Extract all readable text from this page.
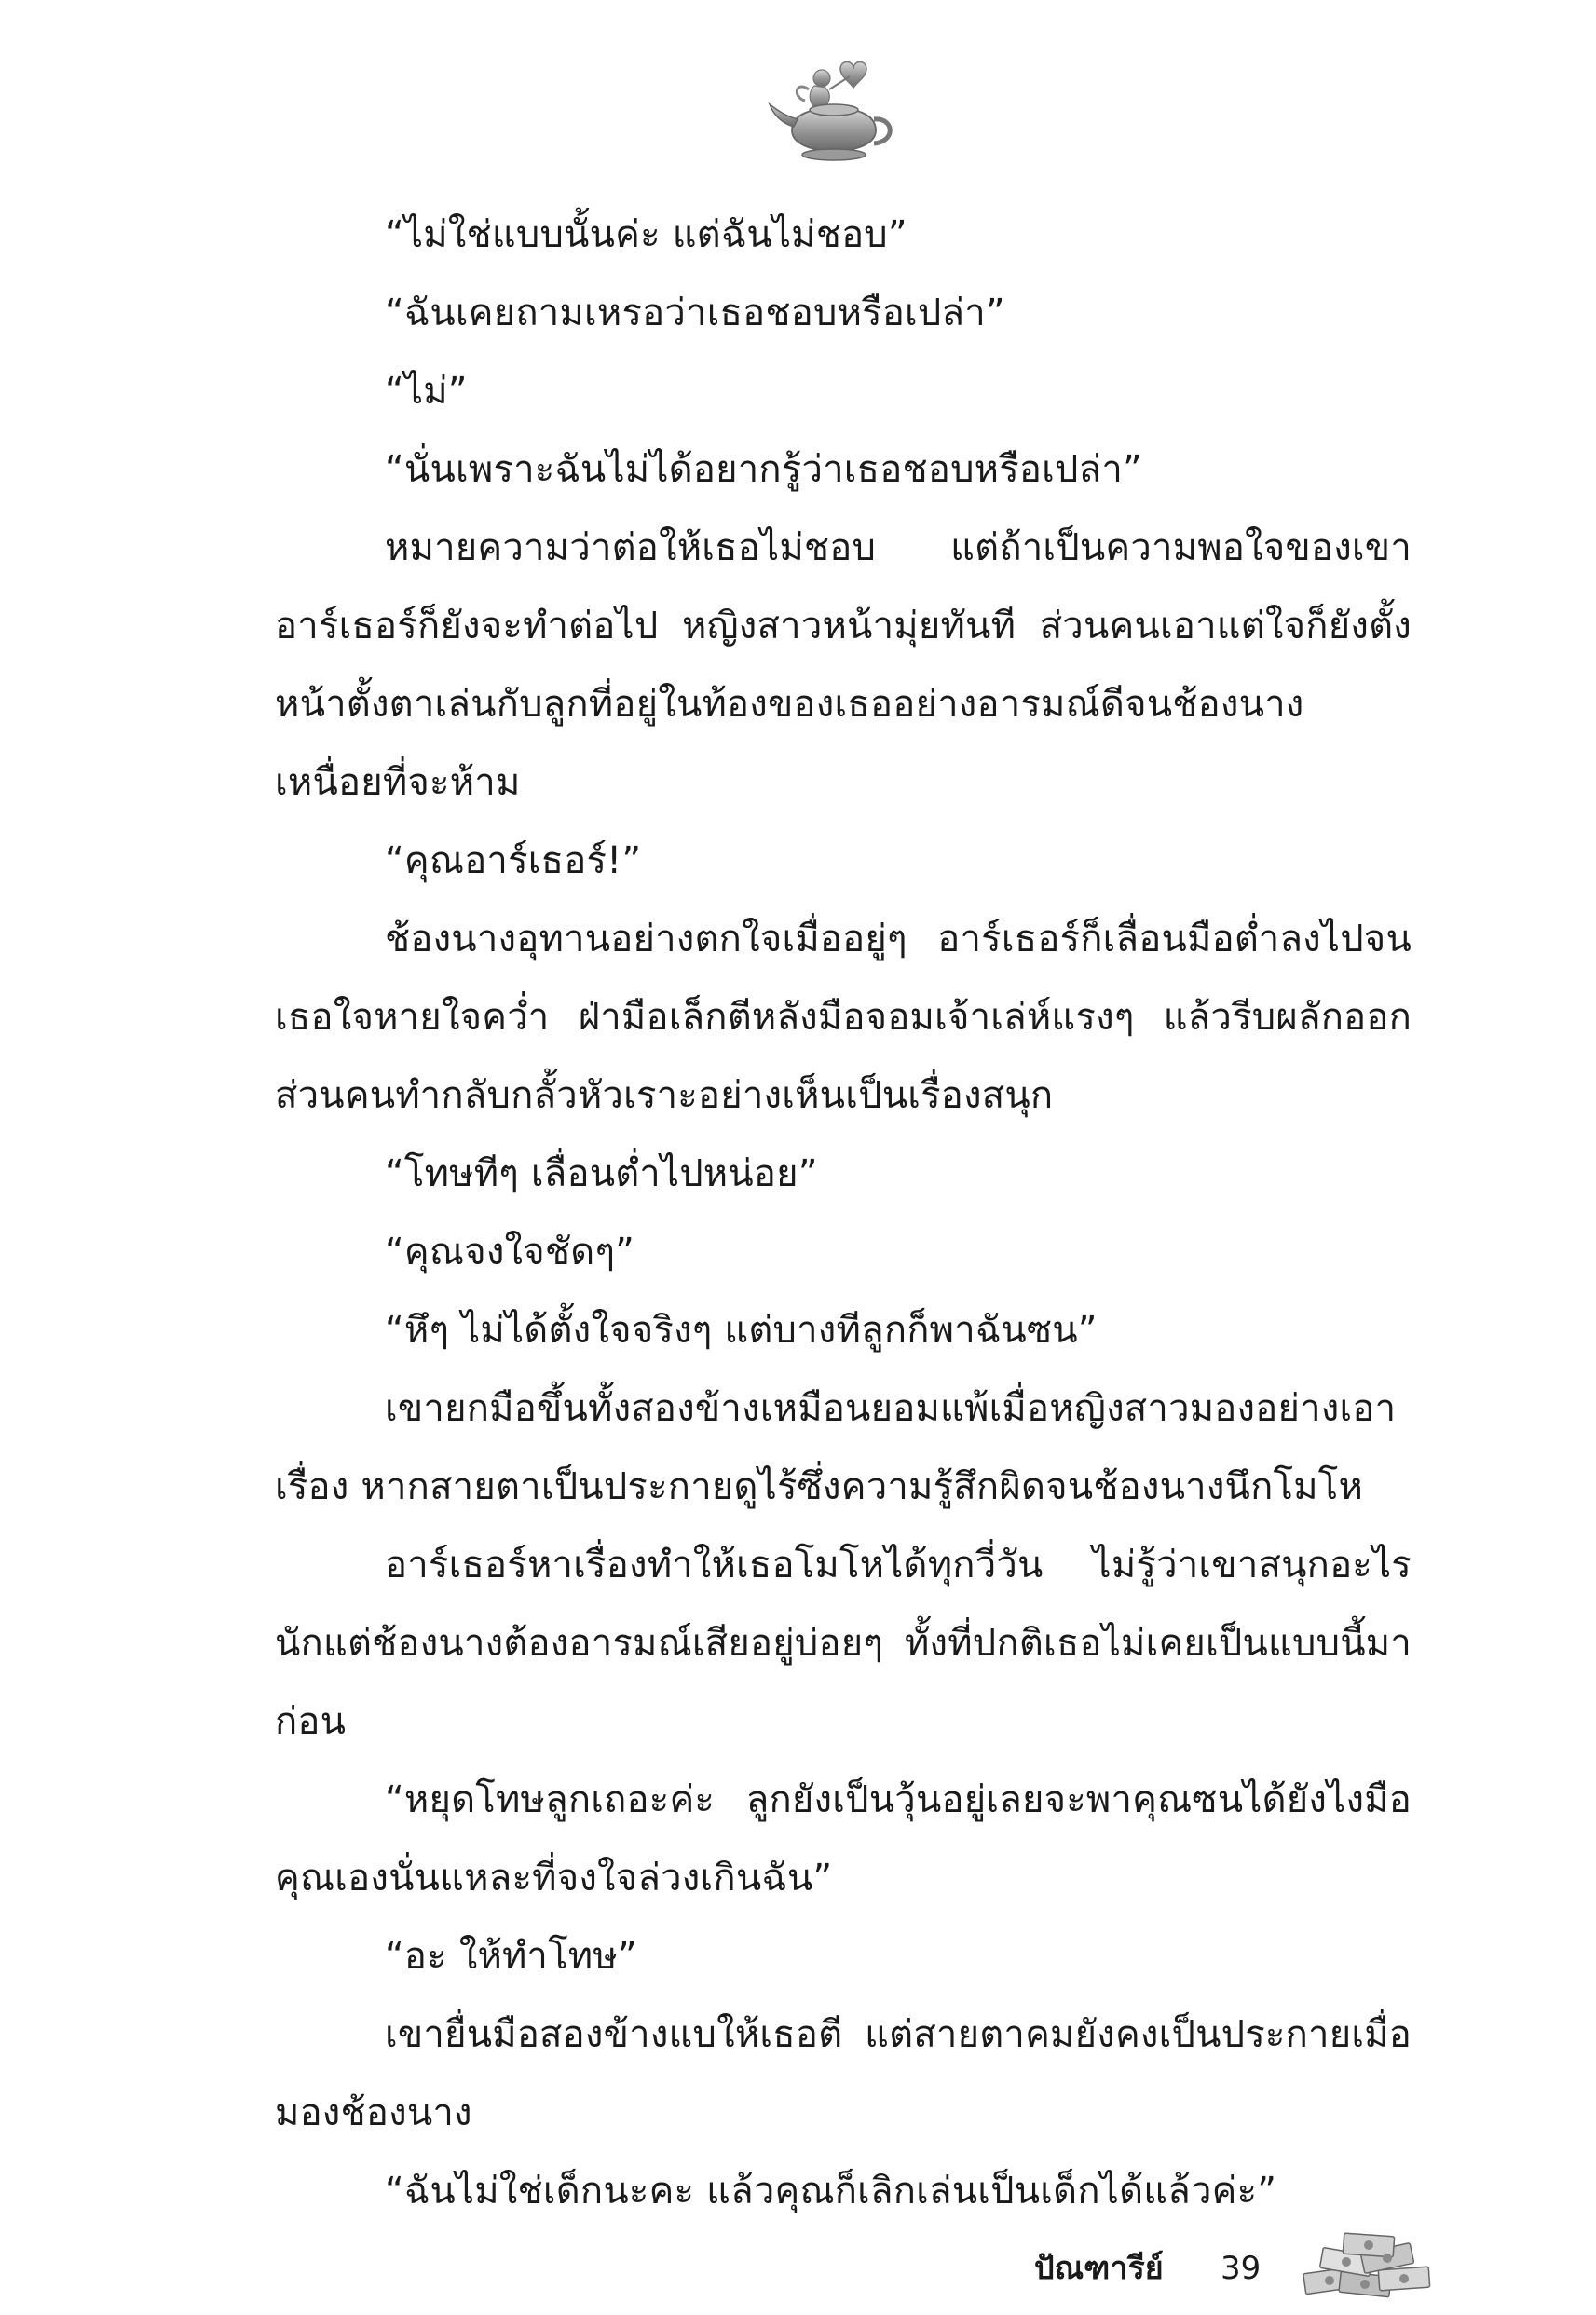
“ไม่ใช่แบบนั้นค่ะ แต่ฉันไม่ชอบ”

“ฉันเคยถามเหรอว่าเธอชอบหรือเปล่า”

“ไม่”

“นั่นเพราะฉันไม่ได้อยากรู้ว่าเธอชอบหรือเปล่า”

หมายความว่าต่อให้เธอไม่ชอบ แต่ถ้าเป็นความพอใจของเขาอาร์เธอร์ก็ยังจะทำต่อไป หญิงสาวหน้ามุ่ยทันที ส่วนคนเอาแต่ใจก็ยังตั้งหน้าตั้งตาเล่นกับลูกที่อยู่ในท้องของเธออย่างอารมณ์ดีจนช้องนางเหนื่อยที่จะห้าม

“คุณอาร์เธอร์!”

ช้องนางอุทานอย่างตกใจเมื่ออยู่ๆ อาร์เธอร์ก็เลื่อนมือต่ำลงไปจนเธอใจหายใจคว่ำ ฝ่ามือเล็กตีหลังมือจอมเจ้าเล่ห์แรงๆ แล้วรีบผลักออก ส่วนคนทำกลับกลั้วหัวเราะอย่างเห็นเป็นเรื่องสนุก

“โทษทีๆ เลื่อนต่ำไปหน่อย”

“คุณจงใจชัดๆ”

“หึๆ ไม่ได้ตั้งใจจริงๆ แต่บางทีลูกก็พาฉันซน”

เขายกมือขึ้นทั้งสองข้างเหมือนยอมแพ้เมื่อหญิงสาวมองอย่างเอาเรื่อง หากสายตาเป็นประกายดูไร้ซึ่งความรู้สึกผิดจนช้องนางนึกโมโห

อาร์เธอร์หาเรื่องทำให้เธอโมโหได้ทุกวี่วัน ไม่รู้ว่าเขาสนุกอะไรนักแต่ช้องนางต้องอารมณ์เสียอยู่บ่อยๆ ทั้งที่ปกติเธอไม่เคยเป็นแบบนี้มาก่อน

“หยุดโทษลูกเถอะค่ะ ลูกยังเป็นวุ้นอยู่เลยจะพาคุณซนได้ยังไงมือคุณเองนั่นแหละที่จงใจล่วงเกินฉัน”

“อะ ให้ทำโทษ”

เขายื่นมือสองข้างแบให้เธอตี แต่สายตาคมยังคงเป็นประกายเมื่อมองช้องนาง

“ฉันไม่ใช่เด็กนะคะ แล้วคุณก็เลิกเล่นเป็นเด็กได้แล้วค่ะ”

ปัณฑารีย์ 39
